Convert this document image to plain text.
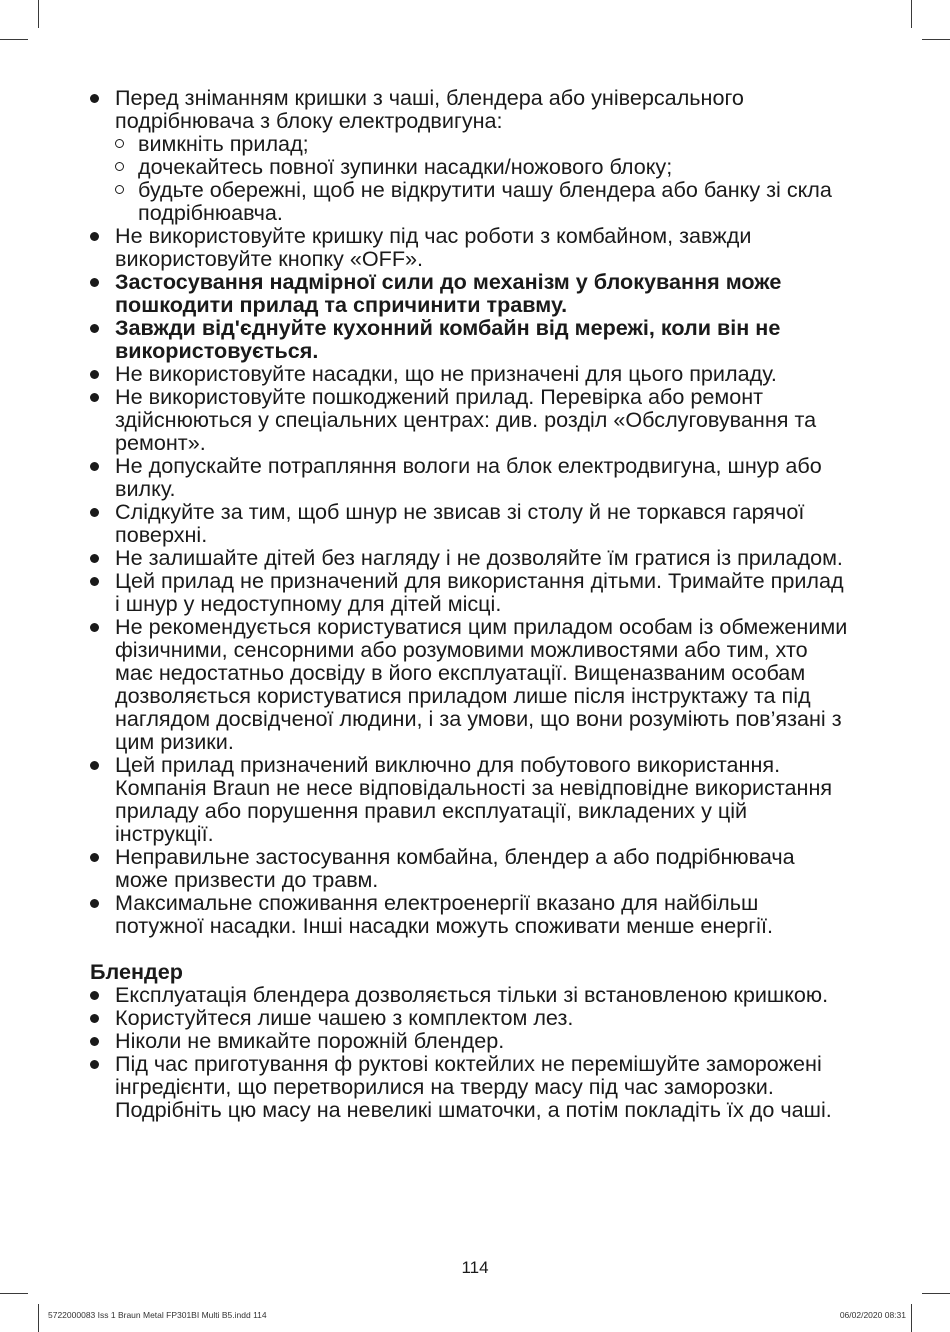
Перед зніманням кришки з чаші, блендера або універсального подрібнювача з блоку електродвигуна:
вимкніть прилад;
дочекайтесь повної зупинки насадки/ножового блоку;
будьте обережні, щоб не відкрутити чашу блендера або банку зі скла подрібнюавча.
Не використовуйте кришку під час роботи з комбайном, завжди використовуйте кнопку «OFF».
Застосування надмірної сили до механізм у блокування може пошкодити прилад та спричинити травму.
Завжди від'єднуйте кухонний комбайн від мережі, коли він не використовується.
Не використовуйте насадки, що не призначені для цього приладу.
Не використовуйте пошкоджений прилад. Перевірка або ремонт здійснюються у спеціальних центрах: див. розділ «Обслуговування та ремонт».
Не допускайте потрапляння вологи на блок електродвигуна, шнур або вилку.
Слідкуйте за тим, щоб шнур не звисав зі столу й не торкався гарячої поверхні.
Не залишайте дітей без нагляду і не дозволяйте їм гратися із приладом.
Цей прилад не призначений для використання дітьми. Тримайте прилад і шнур у недоступному для дітей місці.
Не рекомендується користуватися цим приладом особам із обмеженими фізичними, сенсорними або розумовими можливостями або тим, хто має недостатньо досвіду в його експлуатації. Вищеназваним особам дозволяється користуватися приладом лише після інструктажу та під наглядом досвідченої людини, і за умови, що вони розуміють пов’язані з цим ризики.
Цей прилад призначений виключно для побутового використання. Компанія Braun не несе відповідальності за невідповідне використання приладу або порушення правил експлуатації, викладених у цій інструкції.
Неправильне застосування комбайна, блендер а або подрібнювача може призвести до травм.
Максимальне споживання електроенергії вказано для найбільш потужної насадки. Інші насадки можуть споживати менше енергії.
Блендер
Експлуатація блендера дозволяється тільки зі встановленою кришкою.
Користуйтеся лише чашею з комплектом лез.
Ніколи не вмикайте порожній блендер.
Під час приготування ф руктові коктейлих не перемішуйте заморожені інгредієнти, що перетворилися на тверду масу під час заморозки. Подрібніть цю масу на невеликі шматочки, а потім покладіть їх до чаші.
114
5722000083 Iss 1 Braun Metal FP301BI Multi B5.indd 114	06/02/2020 08:31
